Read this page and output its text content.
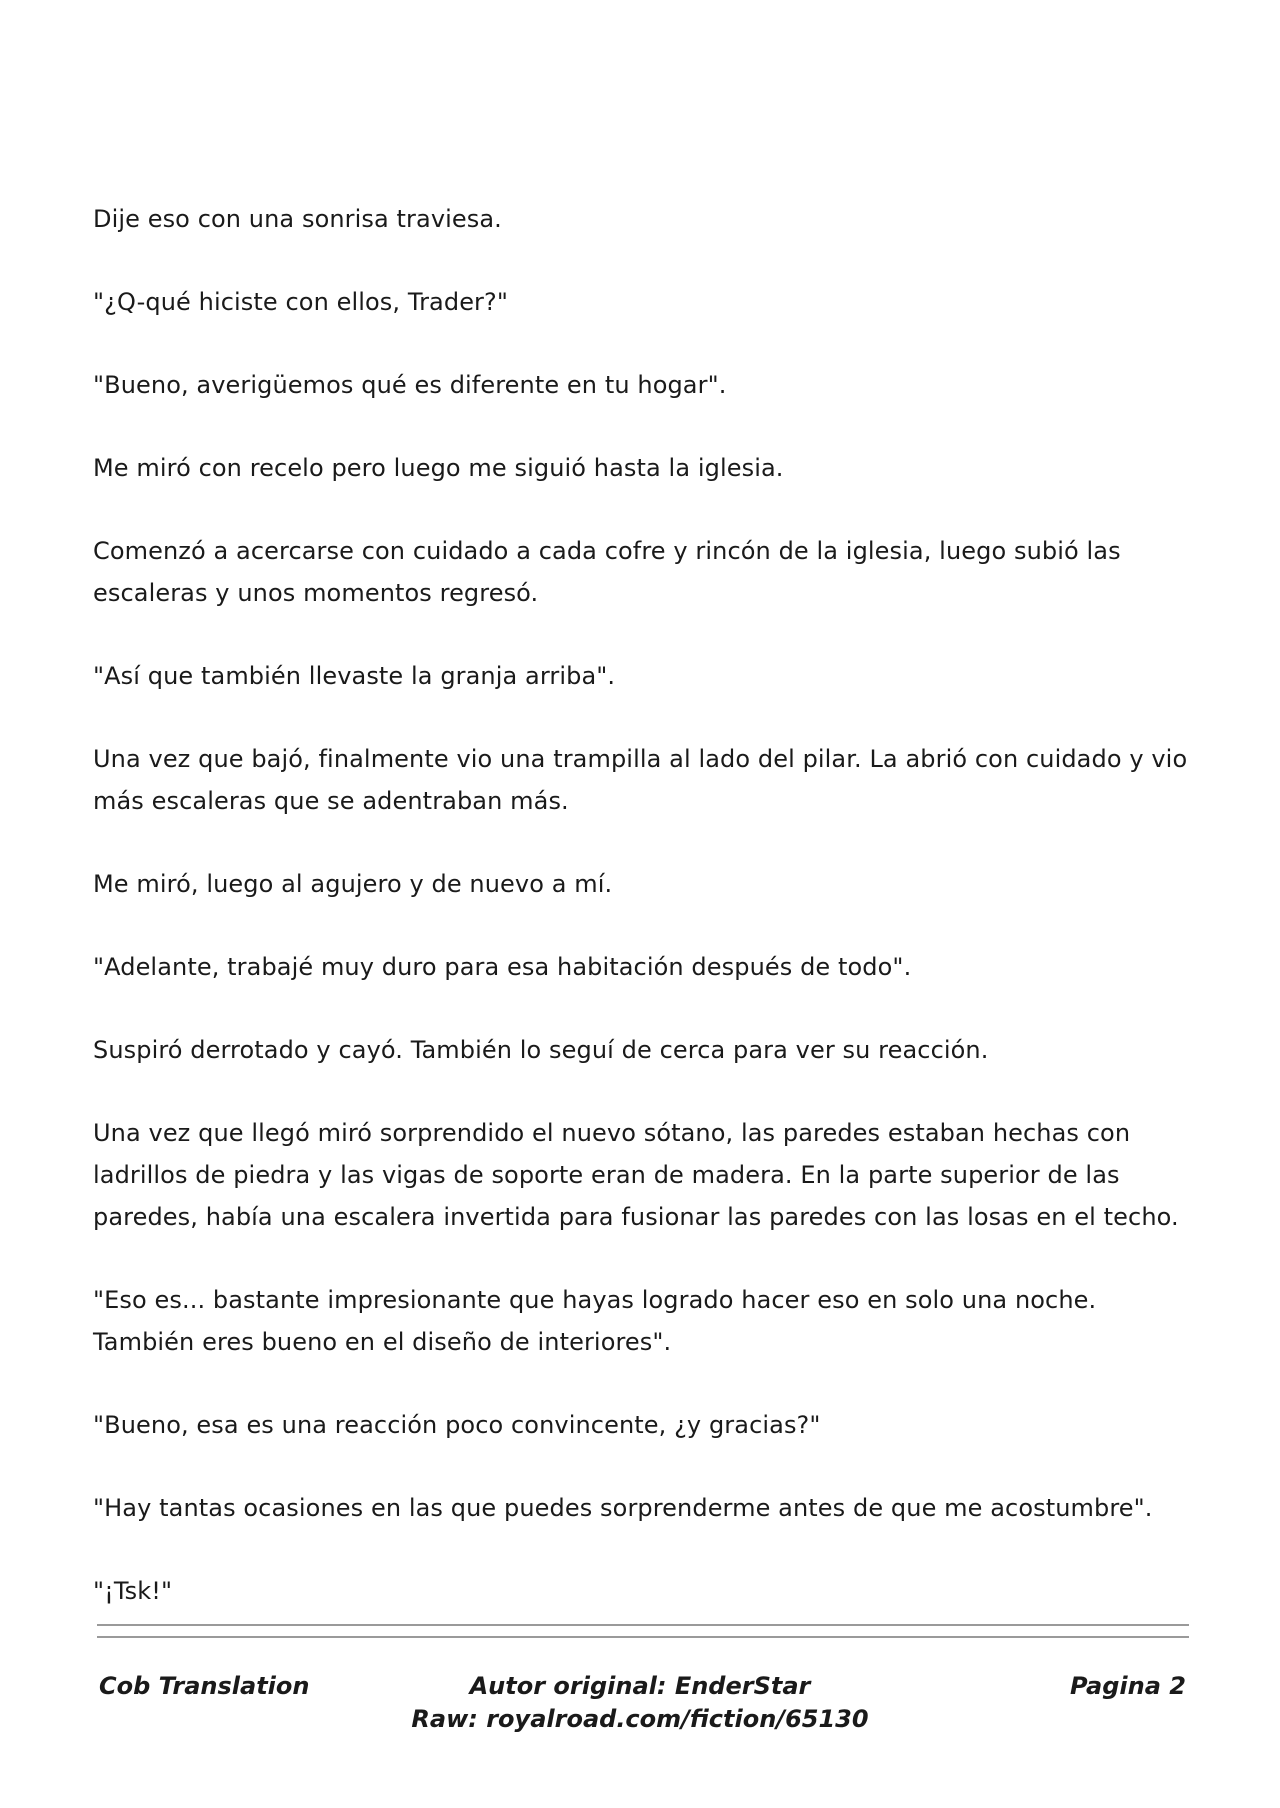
Dije eso con una sonrisa traviesa.

"¿Q-qué hiciste con ellos, Trader?"

"Bueno, averigüemos qué es diferente en tu hogar".

Me miró con recelo pero luego me siguió hasta la iglesia.

Comenzó a acercarse con cuidado a cada cofre y rincón de la iglesia, luego subió las escaleras y unos momentos regresó.

"Así que también llevaste la granja arriba".

Una vez que bajó, finalmente vio una trampilla al lado del pilar. La abrió con cuidado y vio más escaleras que se adentraban más.

Me miró, luego al agujero y de nuevo a mí.

"Adelante, trabajé muy duro para esa habitación después de todo".

Suspiró derrotado y cayó. También lo seguí de cerca para ver su reacción.

Una vez que llegó miró sorprendido el nuevo sótano, las paredes estaban hechas con ladrillos de piedra y las vigas de soporte eran de madera. En la parte superior de las paredes, había una escalera invertida para fusionar las paredes con las losas en el techo.

"Eso es... bastante impresionante que hayas logrado hacer eso en solo una noche. También eres bueno en el diseño de interiores".

"Bueno, esa es una reacción poco convincente, ¿y gracias?"

"Hay tantas ocasiones en las que puedes sorprenderme antes de que me acostumbre".

"¡Tsk!"

Cob Translation	Autor original: EnderStar
Raw: royalroad.com/fiction/65130
Pagina 2
